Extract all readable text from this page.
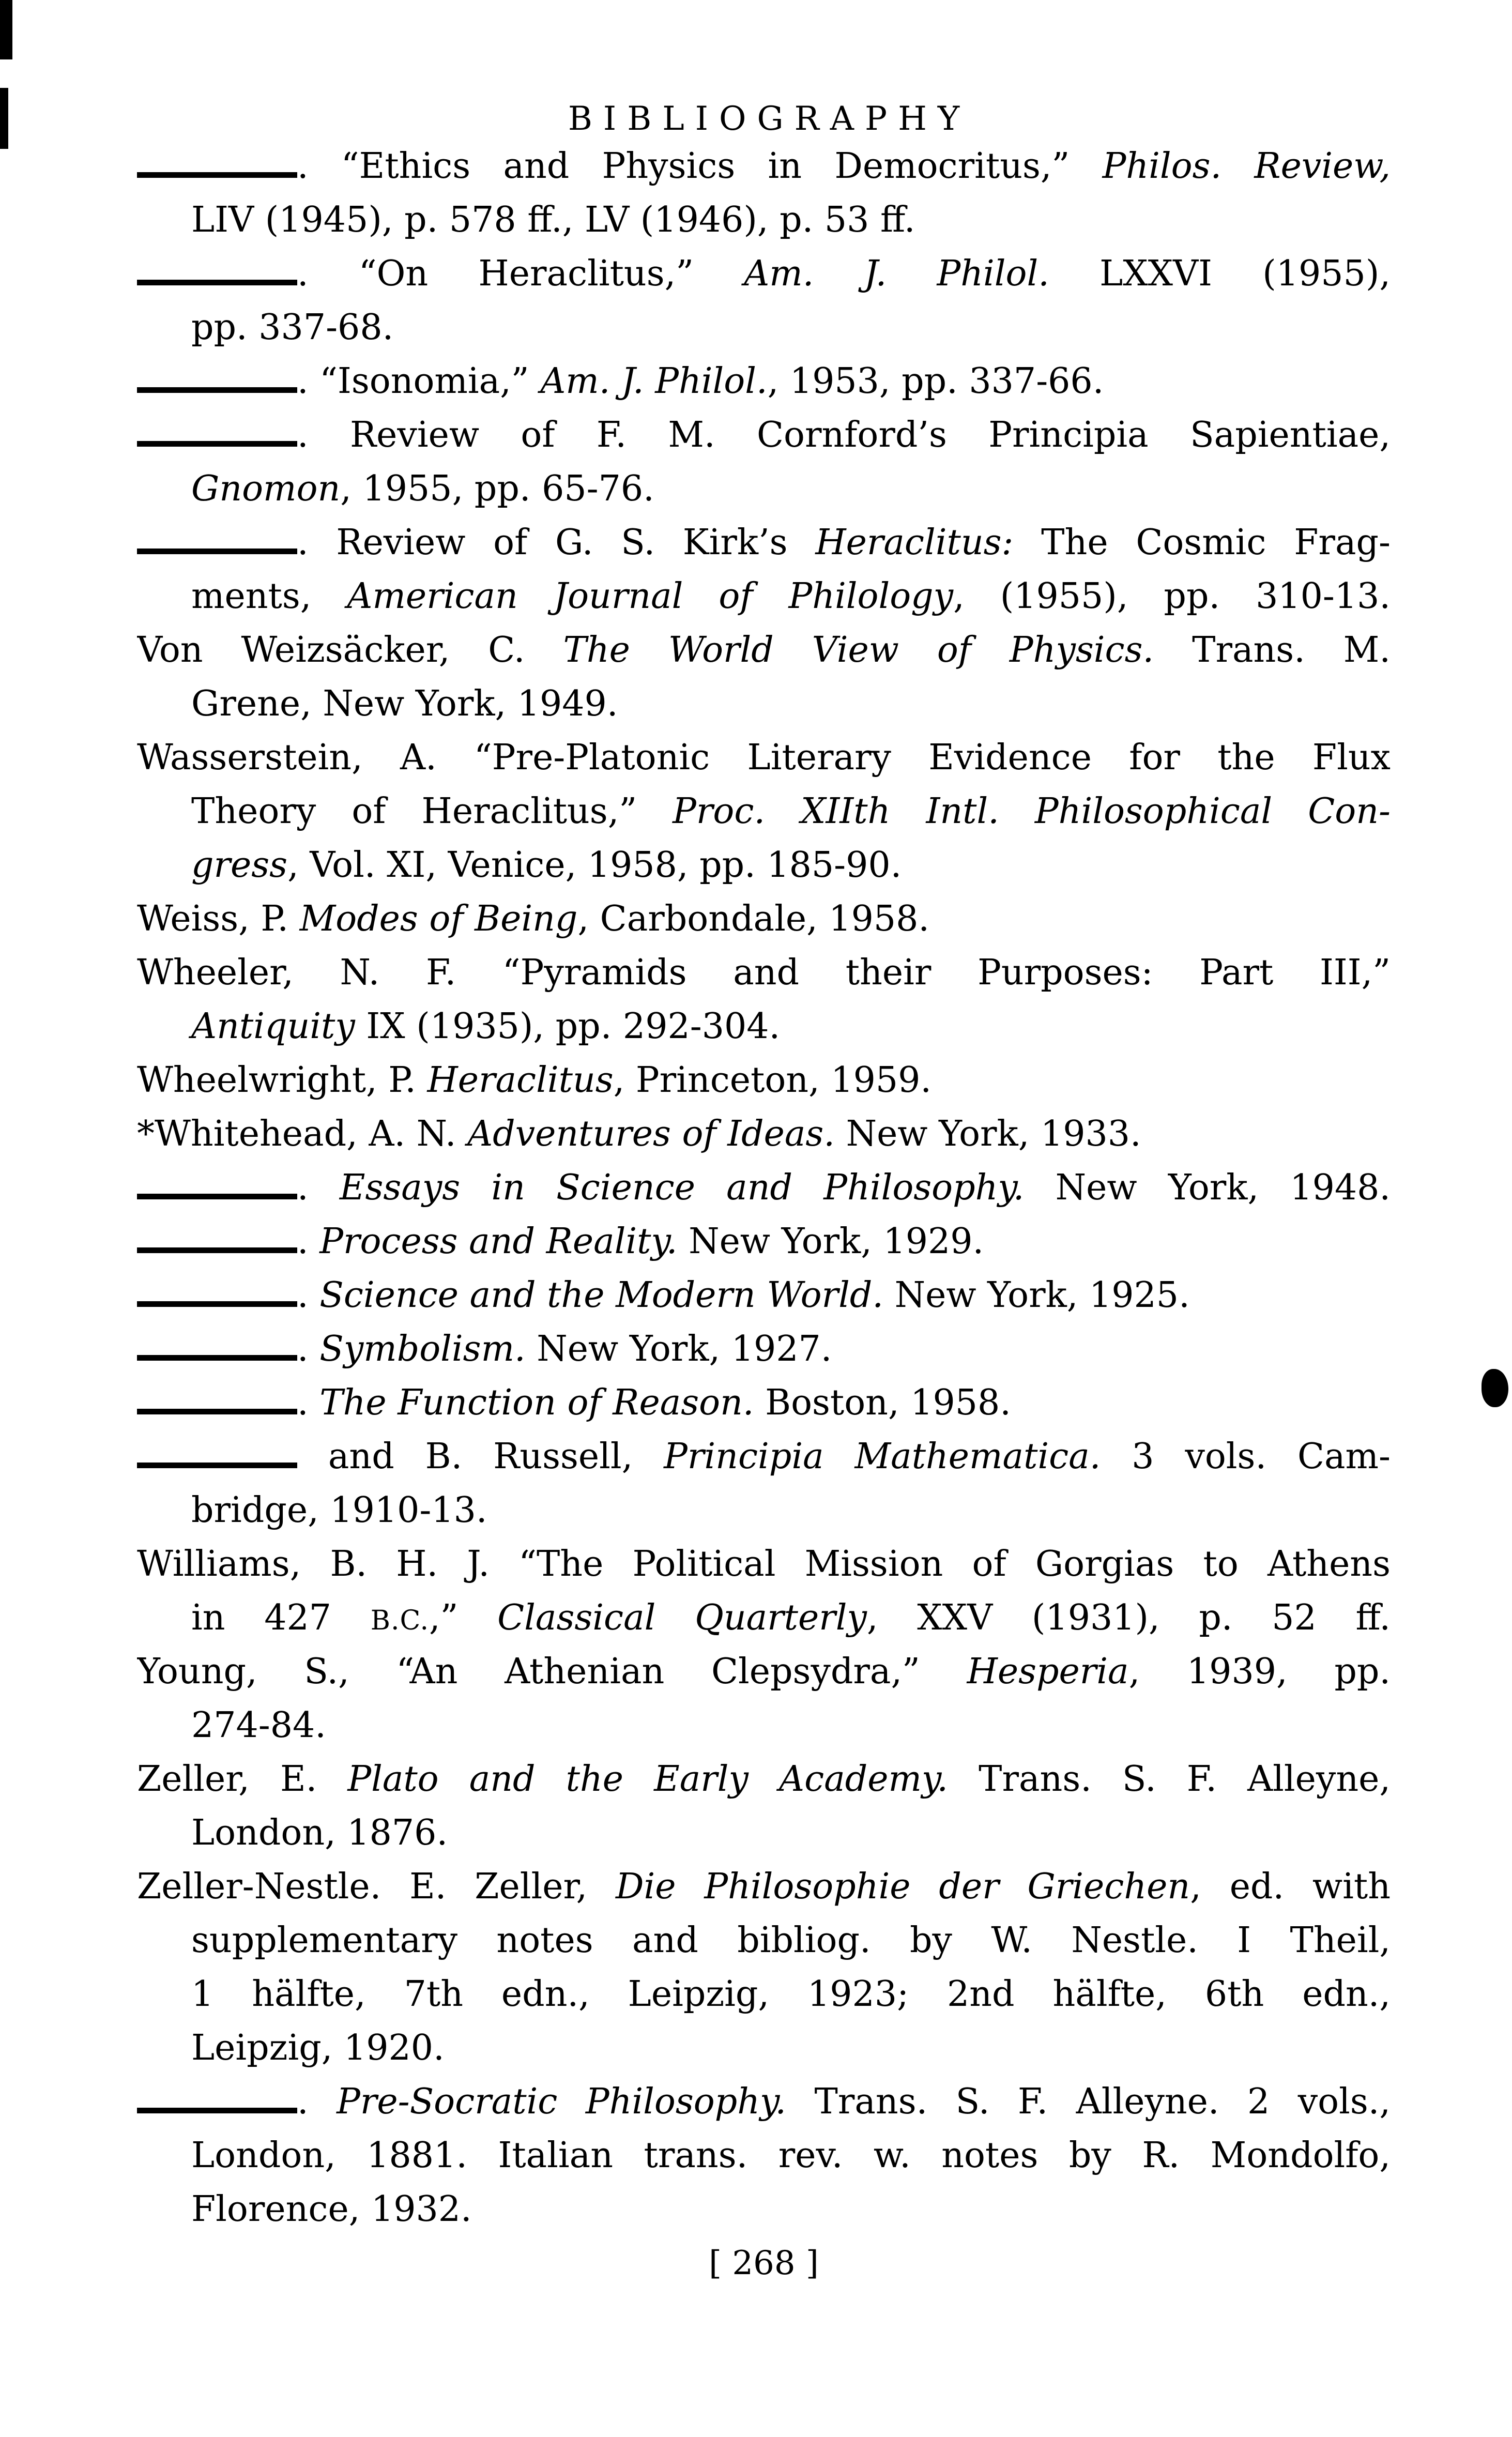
BIBLIOGRAPHY
. “Ethics and Physics in Democritus,” Philos. Review,
LIV (1945), p. 578 ff., LV (1946), p. 53 ff.
. “On Heraclitus,” Am. J. Philol. LXXVI (1955),
pp. 337-68.
. “Isonomia,” Am. J. Philol., 1953, pp. 337-66.
. Review of F. M. Cornford’s Principia Sapientiae,
Gnomon, 1955, pp. 65-76.
. Review of G. S. Kirk’s Heraclitus: The Cosmic Frag-
ments, American Journal of Philology, (1955), pp. 310-13.
Von Weizsäcker, C. The World View of Physics. Trans. M.
Grene, New York, 1949.
Wasserstein, A. “Pre-Platonic Literary Evidence for the Flux
Theory of Heraclitus,” Proc. XIIth Intl. Philosophical Con-
gress, Vol. XI, Venice, 1958, pp. 185-90.
Weiss, P. Modes of Being, Carbondale, 1958.
Wheeler, N. F. “Pyramids and their Purposes: Part III,”
Antiquity IX (1935), pp. 292-304.
Wheelwright, P. Heraclitus, Princeton, 1959.
*Whitehead, A. N. Adventures of Ideas. New York, 1933.
. Essays in Science and Philosophy. New York, 1948.
. Process and Reality. New York, 1929.
. Science and the Modern World. New York, 1925.
. Symbolism. New York, 1927.
. The Function of Reason. Boston, 1958.
and B. Russell, Principia Mathematica. 3 vols. Cam-
bridge, 1910-13.
Williams, B. H. J. “The Political Mission of Gorgias to Athens
in 427 B.C.,” Classical Quarterly, XXV (1931), p. 52 ff.
Young, S., “An Athenian Clepsydra,” Hesperia, 1939, pp.
274-84.
Zeller, E. Plato and the Early Academy. Trans. S. F. Alleyne,
London, 1876.
Zeller-Nestle. E. Zeller, Die Philosophie der Griechen, ed. with
supplementary notes and bibliog. by W. Nestle. I Theil,
1 hälfte, 7th edn., Leipzig, 1923; 2nd hälfte, 6th edn.,
Leipzig, 1920.
. Pre-Socratic Philosophy. Trans. S. F. Alleyne. 2 vols.,
London, 1881. Italian trans. rev. w. notes by R. Mondolfo,
Florence, 1932.
[ 268 ]
